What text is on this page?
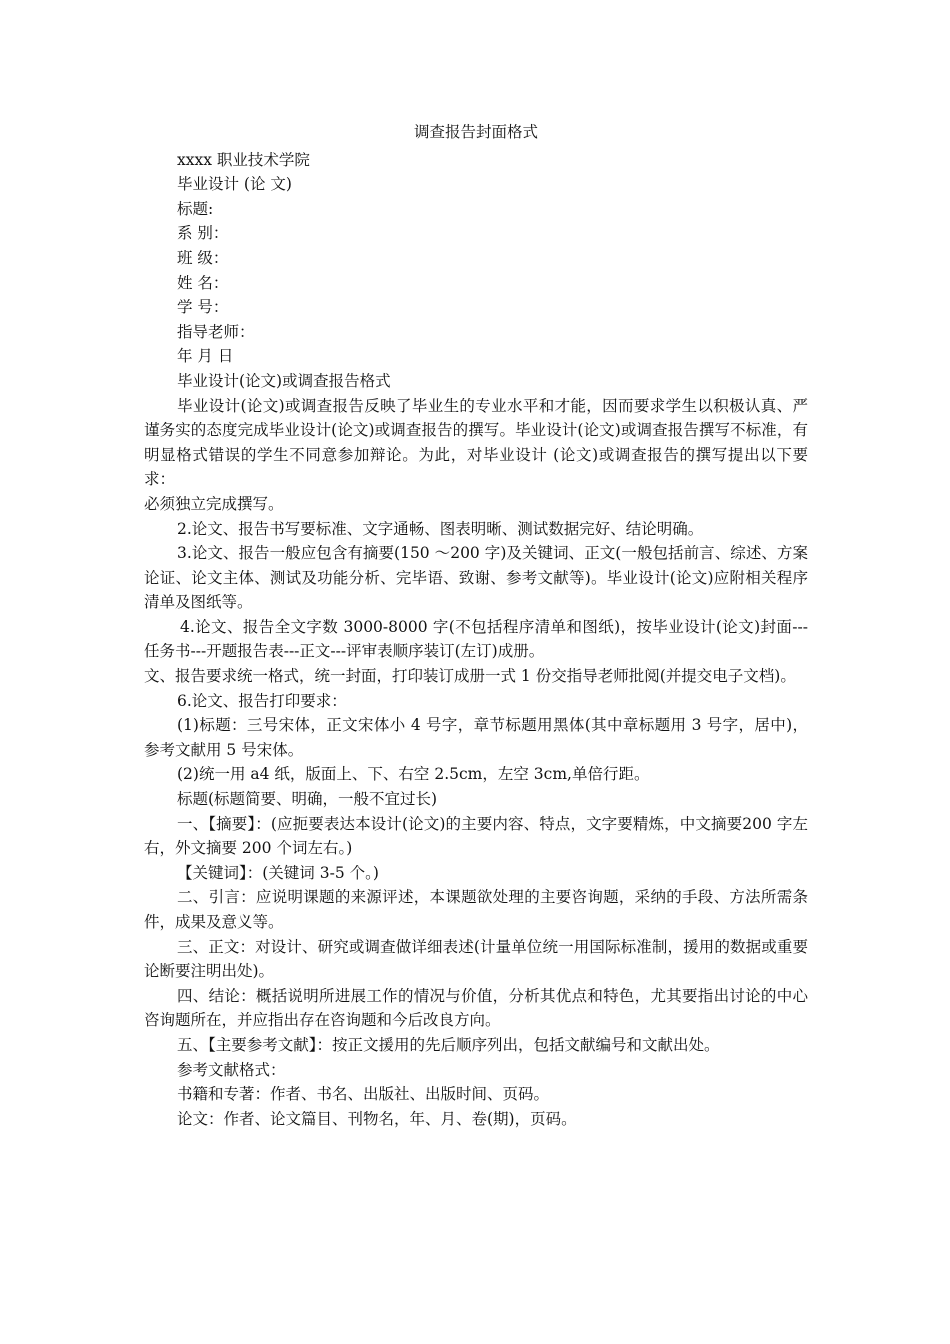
调查报告封面格式

xxxx 职业技术学院

毕业设计 (论 文)

标题:

系 别：

班 级：

姓 名：

学 号：

指导老师：

年 月 日

毕业设计(论文)或调查报告格式

毕业设计(论文)或调查报告反映了毕业生的专业水平和才能，因而要求学生以积极认真、严谨务实的态度完成毕业设计(论文)或调查报告的撰写。毕业设计(论文)或调查报告撰写不标准，有明显格式错误的学生不同意参加辩论。为此，对毕业设计 (论文)或调查报告的撰写提出以下要求：

必须独立完成撰写。

2.论文、报告书写要标准、文字通畅、图表明晰、测试数据完好、结论明确。

3.论文、报告一般应包含有摘要(150 ～200 字)及关键词、正文(一般包括前言、综述、方案论证、论文主体、测试及功能分析、完毕语、致谢、参考文献等)。毕业设计(论文)应附相关程序清单及图纸等。

4.论文、报告全文字数 3000-8000 字(不包括程序清单和图纸)，按毕业设计(论文)封面---任务书---开题报告表---正文---评审表顺序装订(左订)成册。

文、报告要求统一格式，统一封面，打印装订成册一式 1 份交指导老师批阅(并提交电子文档)。

6.论文、报告打印要求：

(1)标题：三号宋体，正文宋体小 4 号字，章节标题用黑体(其中章标题用 3 号字，居中)，参考文献用 5 号宋体。

(2)统一用 a4 纸，版面上、下、右空 2.5cm，左空 3cm,单倍行距。

标题(标题简要、明确，一般不宜过长)

一、【摘要】：(应扼要表达本设计(论文)的主要内容、特点，文字要精炼，中文摘要200 字左右，外文摘要 200 个词左右。)

【关键词】：(关键词 3-5 个。)

二、引言：应说明课题的来源评述，本课题欲处理的主要咨询题，采纳的手段、方法所需条件，成果及意义等。

三、正文：对设计、研究或调查做详细表述(计量单位统一用国际标准制，援用的数据或重要论断要注明出处)。

四、结论：概括说明所进展工作的情况与价值，分析其优点和特色，尤其要指出讨论的中心咨询题所在，并应指出存在咨询题和今后改良方向。

五、【主要参考文献】：按正文援用的先后顺序列出，包括文献编号和文献出处。

参考文献格式：

书籍和专著：作者、书名、出版社、出版时间、页码。

论文：作者、论文篇目、刊物名，年、月、卷(期)，页码。
